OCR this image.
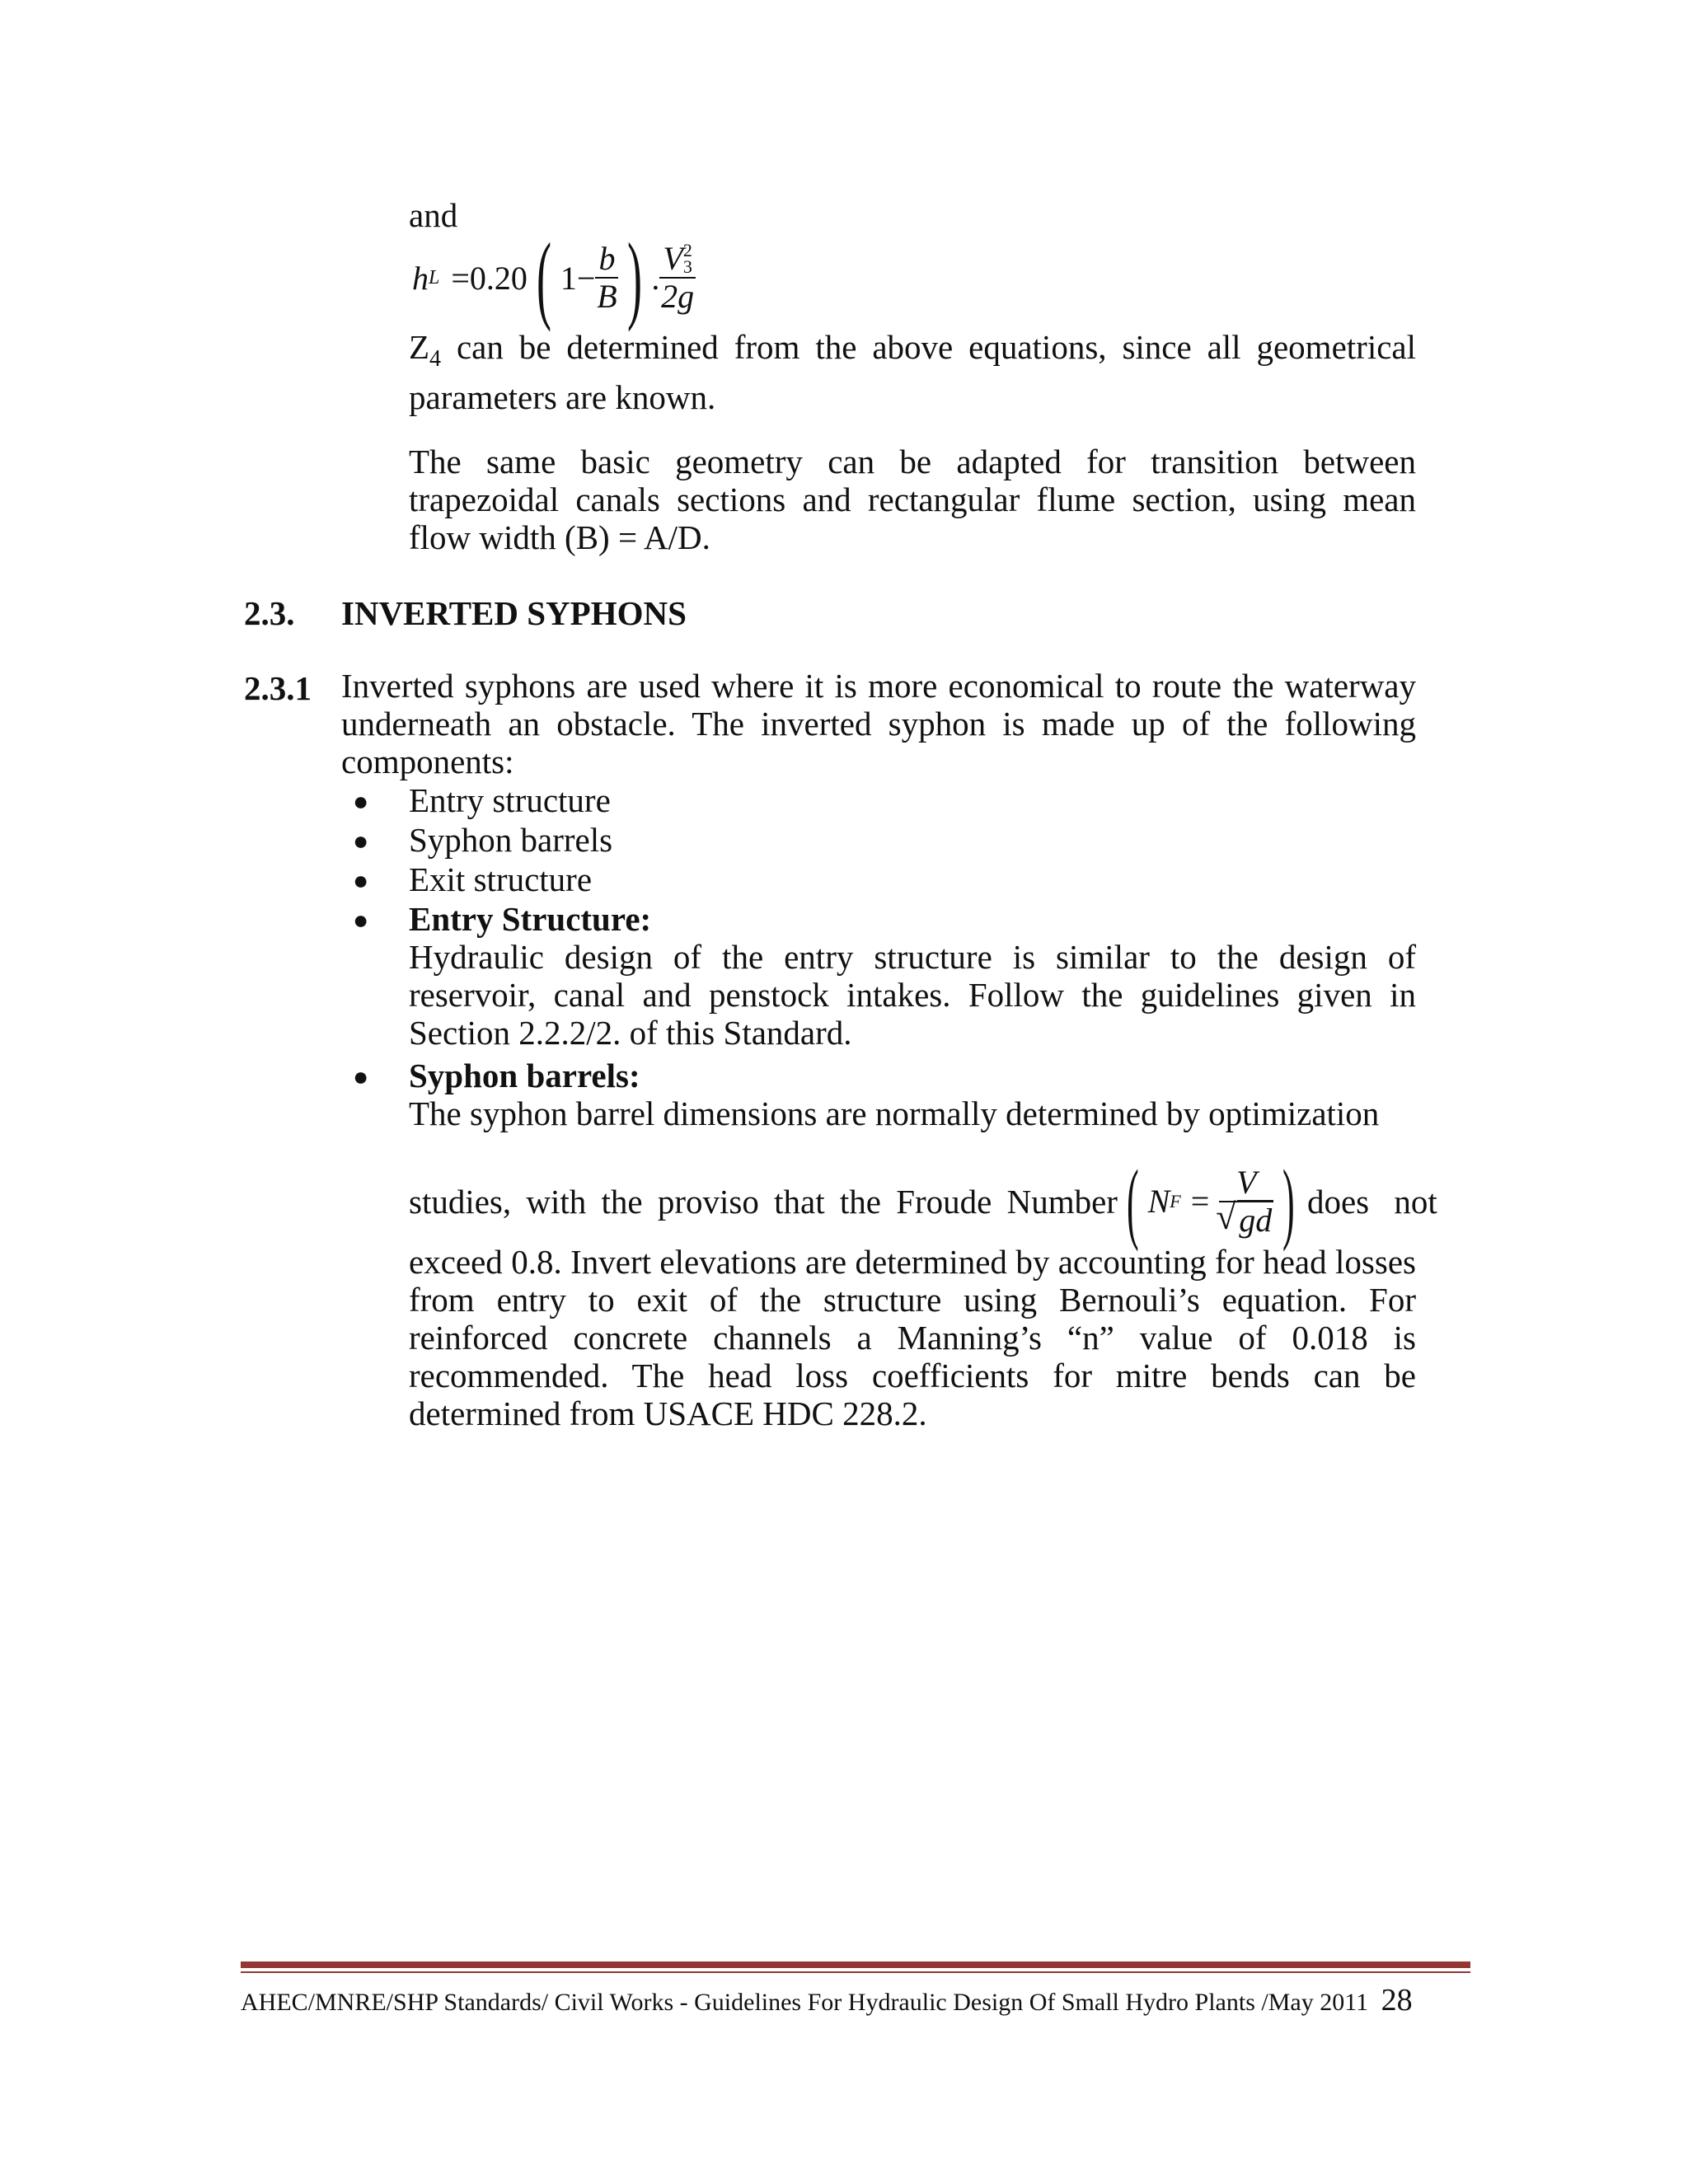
and
h L = 0.20 ( $1- \frac{b}{B}$ ) . V 2
3
2g
$Z_4$ can be determined from the above equations, since all geometrical parameters are known.
The same basic geometry can be adapted for transition between trapezoidal canals sections and rectangular flume section, using mean flow width (B) = A/D.
2.3. INVERTED SYPHONS
2.3.1 Inverted syphons are used where it is more economical to route the waterway underneath an obstacle. The inverted syphon is made up of the following components:
● Entry structure
● Syphon barrels
● Exit structure
● Entry Structure:
Hydraulic design of the entry structure is similar to the design of reservoir, canal and penstock intakes. Follow the guidelines given in Section 2.2.2/2. of this Standard.
● Syphon barrels:
The syphon barrel dimensions are normally determined by optimization
studies, with the proviso that the Froude Number ( N F = V
√ gd ) does not
exceed 0.8. Invert elevations are determined by accounting for head losses from entry to exit of the structure using Bernouli’s equation. For reinforced concrete channels a Manning’s “n” value of 0.018 is recommended. The head loss coefficients for mitre bends can be determined from USACE HDC 228.2.
AHEC/MNRE/SHP Standards/ Civil Works - Guidelines For Hydraulic Design Of Small Hydro Plants /May 2011 28
